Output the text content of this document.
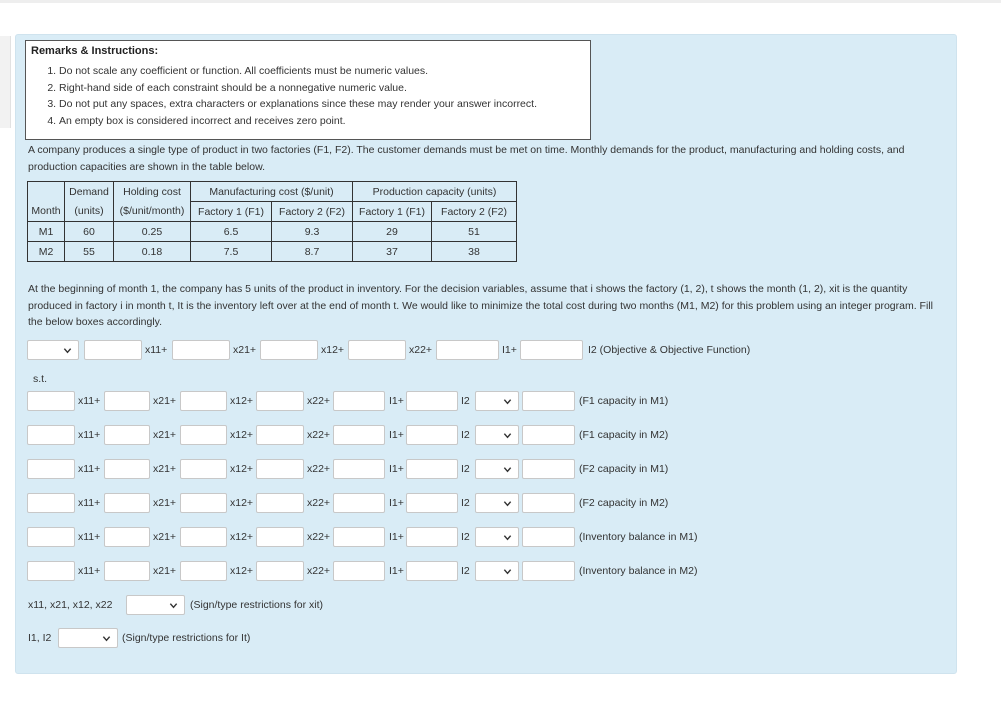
Remarks & Instructions:
1. Do not scale any coefficient or function. All coefficients must be numeric values.
2. Right-hand side of each constraint should be a nonnegative numeric value.
3. Do not put any spaces, extra characters or explanations since these may render your answer incorrect.
4. An empty box is considered incorrect and receives zero point.
A company produces a single type of product in two factories (F1, F2). The customer demands must be met on time. Monthly demands for the product, manufacturing and holding costs, and production capacities are shown in the table below.
	Demand	Holding cost	Manufacturing cost ($/unit)		Production capacity (units)	
Month	(units)	($/unit/month)	Factory 1 (F1)	Factory 2 (F2)	Factory 1 (F1)	Factory 2 (F2)
M1	60	0.25	6.5	9.3	29	51
M2	55	0.18	7.5	8.7	37	38
At the beginning of month 1, the company has 5 units of the product in inventory. For the decision variables, assume that i shows the factory (1, 2), t shows the month (1, 2), xit is the quantity produced in factory i in month t, It is the inventory left over at the end of month t. We would like to minimize the total cost during two months (M1, M2) for this problem using an integer program. Fill the below boxes accordingly.
x11+	x21+	x12+	x22+	I1+	I2 (Objective & Objective Function)
s.t.
x11+	x21+	x12+	x22+	I1+	I2	(F1 capacity in M1)
x11+	x21+	x12+	x22+	I1+	I2	(F1 capacity in M2)
x11+	x21+	x12+	x22+	I1+	I2	(F2 capacity in M1)
x11+	x21+	x12+	x22+	I1+	I2	(F2 capacity in M2)
x11+	x21+	x12+	x22+	I1+	I2	(Inventory balance in M1)
x11+	x21+	x12+	x22+	I1+	I2	(Inventory balance in M2)
x11, x21, x12, x22	(Sign/type restrictions for xit)
I1, I2	(Sign/type restrictions for It)
